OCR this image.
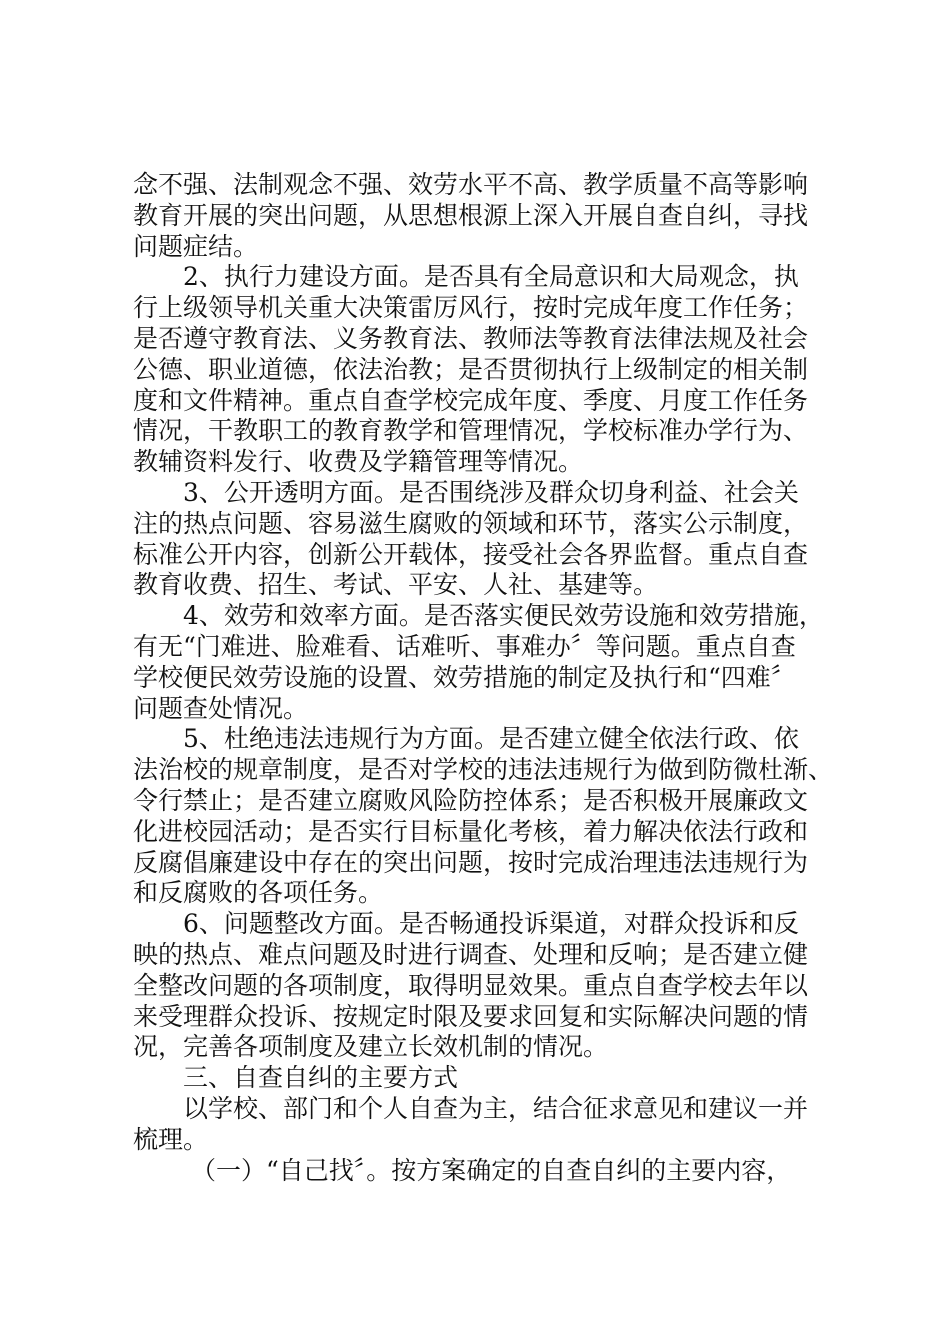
念不强、法制观念不强、效劳水平不高、教学质量不高等影响
教育开展的突出问题，从思想根源上深入开展自查自纠，寻找
问题症结。
2、执行力建设方面。是否具有全局意识和大局观念，执
行上级领导机关重大决策雷厉风行，按时完成年度工作任务；
是否遵守教育法、义务教育法、教师法等教育法律法规及社会
公德、职业道德，依法治教；是否贯彻执行上级制定的相关制
度和文件精神。重点自查学校完成年度、季度、月度工作任务
情况，干教职工的教育教学和管理情况，学校标准办学行为、
教辅资料发行、收费及学籍管理等情况。
3、公开透明方面。是否围绕涉及群众切身利益、社会关
注的热点问题、容易滋生腐败的领域和环节，落实公示制度，
标准公开内容，创新公开载体，接受社会各界监督。重点自查
教育收费、招生、考试、平安、人社、基建等。
4、效劳和效率方面。是否落实便民效劳设施和效劳措施，
有无“门难进、脸难看、话难听、事难办〞等问题。重点自查
学校便民效劳设施的设置、效劳措施的制定及执行和“四难〞
问题查处情况。
5、杜绝违法违规行为方面。是否建立健全依法行政、依
法治校的规章制度，是否对学校的违法违规行为做到防微杜渐、
令行禁止；是否建立腐败风险防控体系；是否积极开展廉政文
化进校园活动；是否实行目标量化考核，着力解决依法行政和
反腐倡廉建设中存在的突出问题，按时完成治理违法违规行为
和反腐败的各项任务。
6、问题整改方面。是否畅通投诉渠道，对群众投诉和反
映的热点、难点问题及时进行调查、处理和反响；是否建立健
全整改问题的各项制度，取得明显效果。重点自查学校去年以
来受理群众投诉、按规定时限及要求回复和实际解决问题的情
况，完善各项制度及建立长效机制的情况。
三、自查自纠的主要方式
以学校、部门和个人自查为主，结合征求意见和建议一并
梳理。
（一）“自己找〞。按方案确定的自查自纠的主要内容，
